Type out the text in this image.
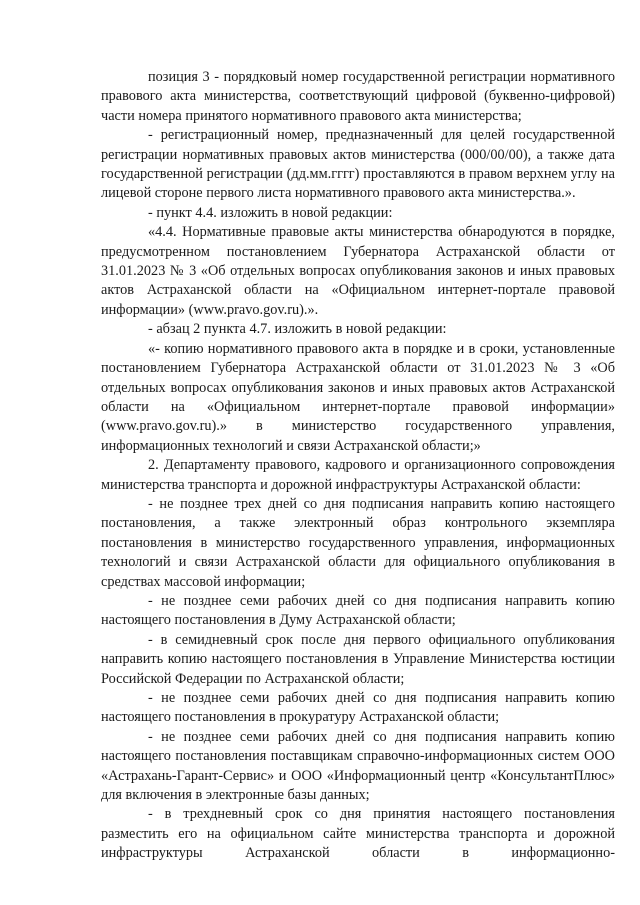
позиция 3 - порядковый номер государственной регистрации нормативного правового акта министерства, соответствующий цифровой (буквенно-цифровой) части номера принятого нормативного правового акта министерства;

- регистрационный номер, предназначенный для целей государственной регистрации нормативных правовых актов министерства (000/00/00), а также дата государственной регистрации (дд.мм.гггг) проставляются в правом верхнем углу на лицевой стороне первого листа нормативного правового акта министерства.».

- пункт 4.4. изложить в новой редакции:

«4.4. Нормативные правовые акты министерства обнародуются в порядке, предусмотренном постановлением Губернатора Астраханской области от 31.01.2023 № 3 «Об отдельных вопросах опубликования законов и иных правовых актов Астраханской области на «Официальном интернет-портале правовой информации» (www.pravo.gov.ru).».

- абзац 2 пункта 4.7. изложить в новой редакции:

«- копию нормативного правового акта в порядке и в сроки, установленные постановлением Губернатора Астраханской области от 31.01.2023 № 3 «Об отдельных вопросах опубликования законов и иных правовых актов Астраханской области на «Официальном интернет-портале правовой информации» (www.pravo.gov.ru).» в министерство государственного управления, информационных технологий и связи Астраханской области;»

2. Департаменту правового, кадрового и организационного сопровождения министерства транспорта и дорожной инфраструктуры Астраханской области:

- не позднее трех дней со дня подписания направить копию настоящего постановления, а также электронный образ контрольного экземпляра постановления в министерство государственного управления, информационных технологий и связи Астраханской области для официального опубликования в средствах массовой информации;

- не позднее семи рабочих дней со дня подписания направить копию настоящего постановления в Думу Астраханской области;

- в семидневный срок после дня первого официального опубликования направить копию настоящего постановления в Управление Министерства юстиции Российской Федерации по Астраханской области;

- не позднее семи рабочих дней со дня подписания направить копию настоящего постановления в прокуратуру Астраханской области;

- не позднее семи рабочих дней со дня подписания направить копию настоящего постановления поставщикам справочно-информационных систем ООО «Астрахань-Гарант-Сервис» и ООО «Информационный центр «КонсультантПлюс» для включения в электронные базы данных;

- в трехдневный срок со дня принятия настоящего постановления разместить его на официальном сайте министерства транспорта и дорожной инфраструктуры Астраханской области в информационно-
